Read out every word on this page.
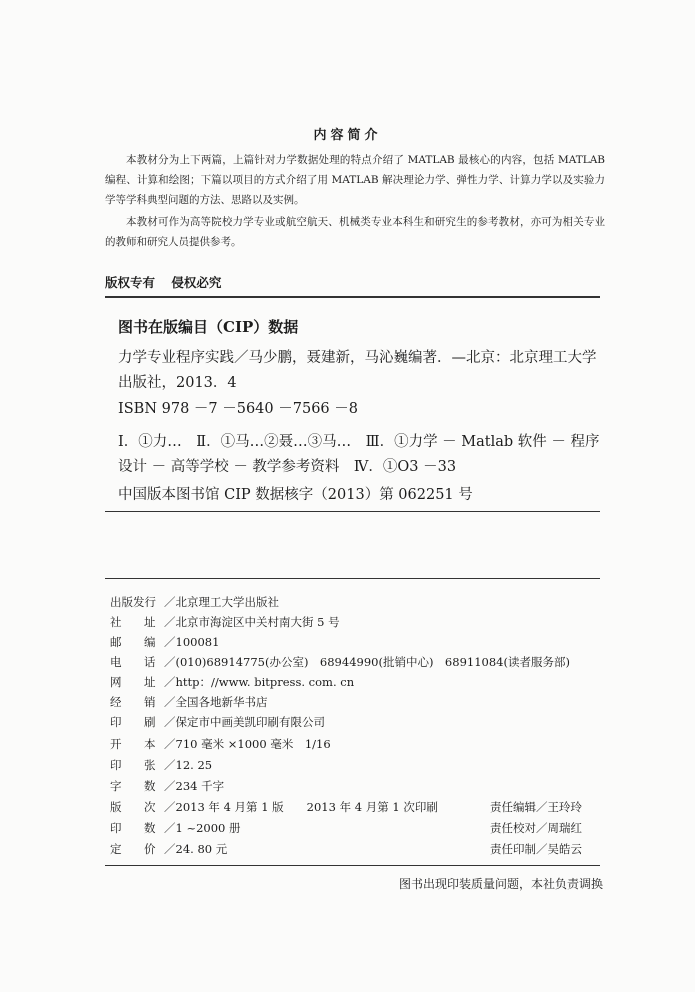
内容简介

本教材分为上下两篇，上篇针对力学数据处理的特点介绍了 MATLAB 最核心的内容，包括 MATLAB 编程、计算和绘图；下篇以项目的方式介绍了用 MATLAB 解决理论力学、弹性力学、计算力学以及实验力学等学科典型问题的方法、思路以及实例。

本教材可作为高等院校力学专业或航空航天、机械类专业本科生和研究生的参考教材，亦可为相关专业的教师和研究人员提供参考。

版权专有 侵权必究
图书在版编目（CIP）数据
力学专业程序实践／马少鹏，聂建新，马沁巍编著．—北京：北京理工大学出版社，2013．4
ISBN 978 －7 －5640 －7566 －8
Ⅰ．①力…　Ⅱ．①马…②聂…③马…　Ⅲ．①力学 － Matlab 软件 － 程序设计 － 高等学校 － 教学参考资料　Ⅳ．①O3 －33
中国版本图书馆 CIP 数据核字（2013）第 062251 号
出版发行 ／北京理工大学出版社
社 址 ／北京市海淀区中关村南大街 5 号
邮 编 ／100081
电 话 ／(010)68914775(办公室)　68944990(批销中心)　68911084(读者服务部)
网 址 ／http：//www. bitpress. com. cn
经 销 ／全国各地新华书店
印 刷 ／保定市中画美凯印刷有限公司
开 本 ／710 毫米 ×1000 毫米　1/16
印 张 ／12. 25
字 数 ／234 千字
版 次 ／2013 年 4 月第 1 版　　2013 年 4 月第 1 次印刷	责任编辑／王玲玲
印 数 ／1 ~2000 册	责任校对／周瑞红
定 价 ／24. 80 元	责任印制／吴皓云
图书出现印装质量问题，本社负责调换
